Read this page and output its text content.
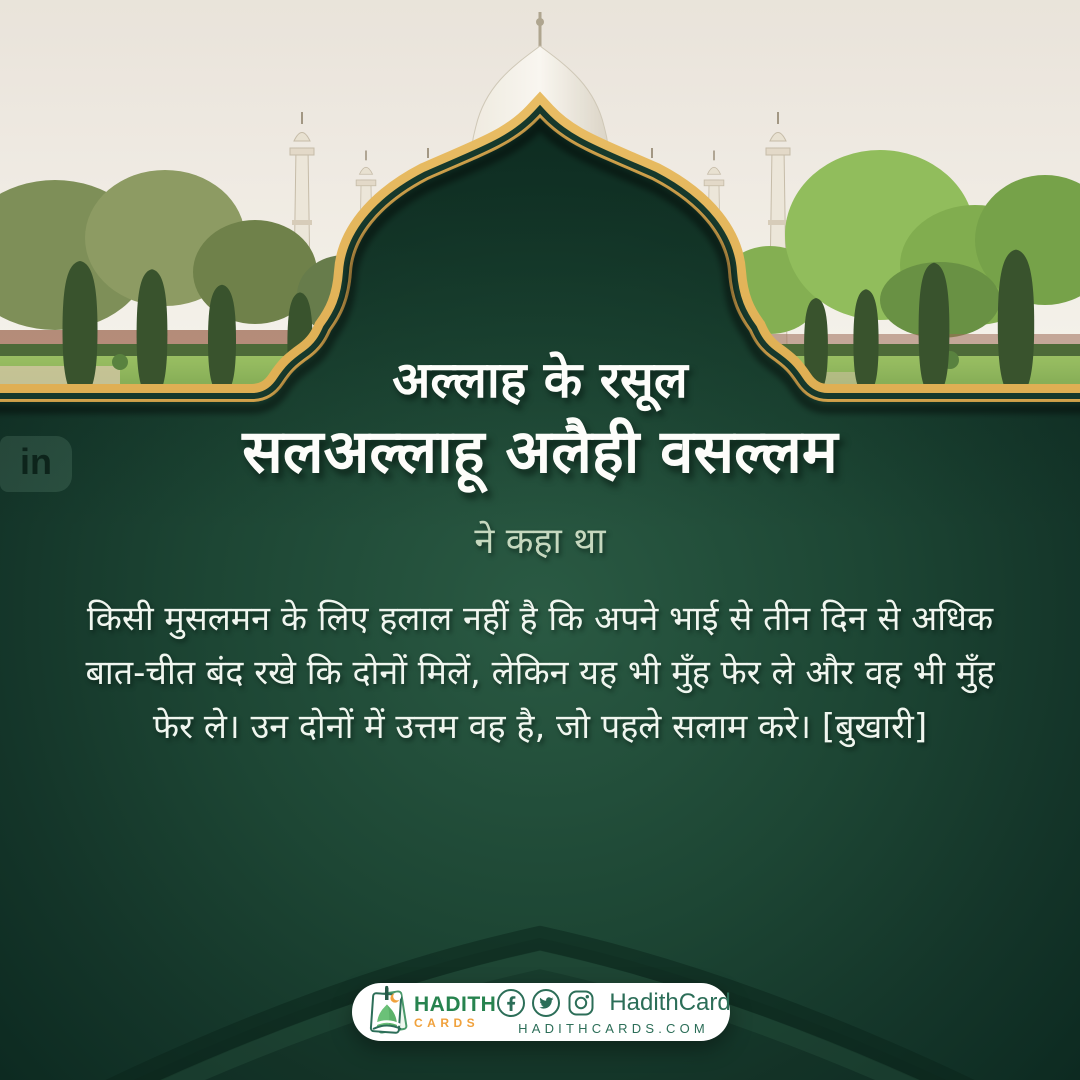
अल्लाह के रसूल
सलअल्लाहू अलैही वसल्लम
ने कहा था
किसी मुसलमन के लिए हलाल नहीं है कि अपने भाई से तीन दिन से अधिक बात-चीत बंद रखे कि दोनों मिलें, लेकिन यह भी मुँह फेर ले और वह भी मुँह फेर ले। उन दोनों में उत्तम वह है, जो पहले सलाम करे। [बुखारी]
in
HADITH
CARDS
HadithCard
HADITHCARDS.COM
